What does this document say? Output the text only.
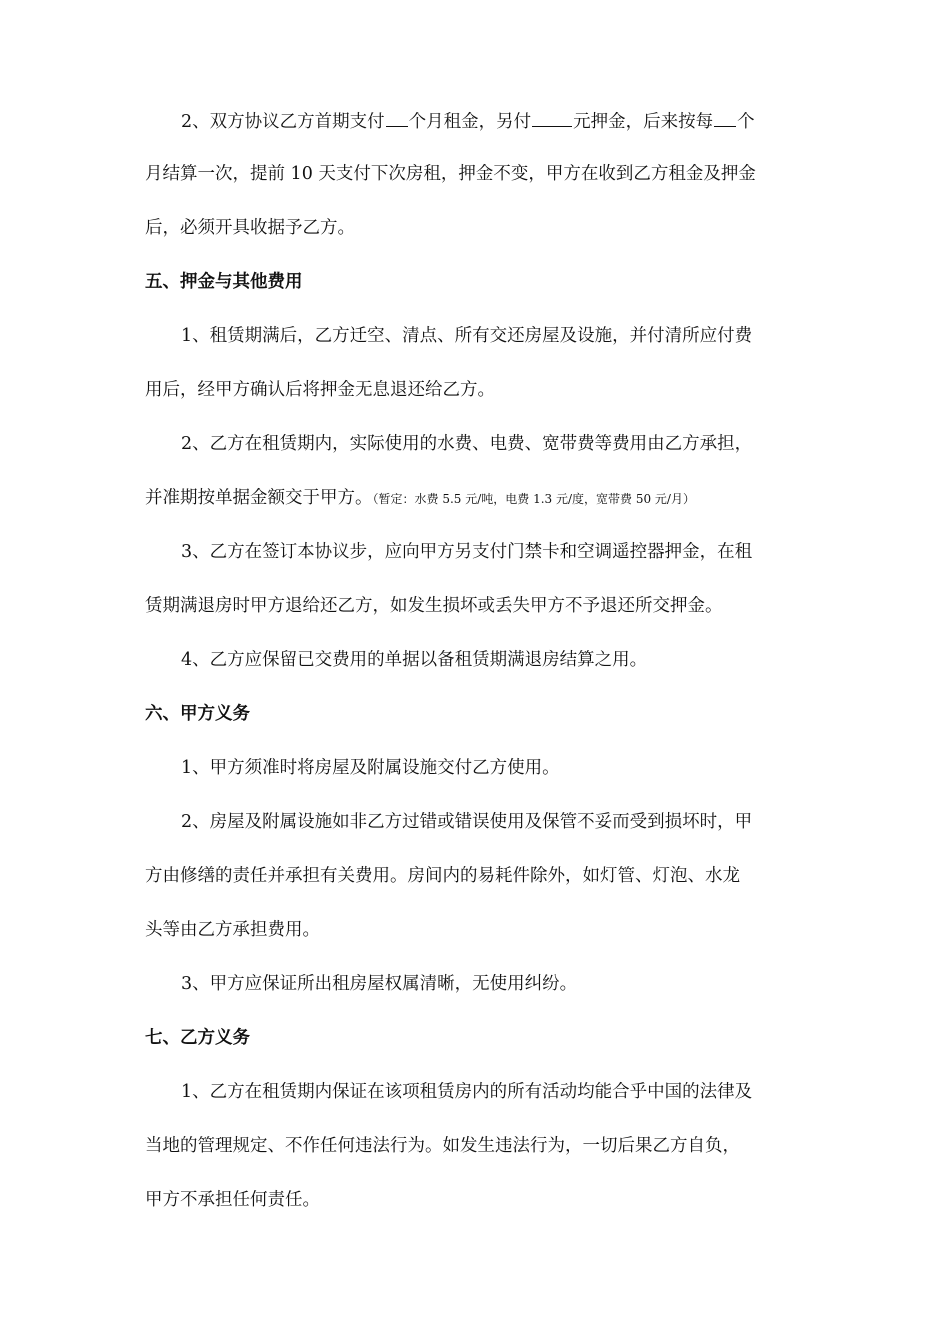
2、双方协议乙方首期支付 个月租金，另付 元押金，后来按每 个
月结算一次，提前 10 天支付下次房租，押金不变，甲方在收到乙方租金及押金
后，必须开具收据予乙方。
五、押金与其他费用
1、租赁期满后，乙方迁空、清点、所有交还房屋及设施，并付清所应付费
用后，经甲方确认后将押金无息退还给乙方。
2、乙方在租赁期内，实际使用的水费、电费、宽带费等费用由乙方承担，
并准期按单据金额交于甲方。（暂定：水费 5.5 元/吨，电费 1.3 元/度，宽带费 50 元/月）
3、乙方在签订本协议步，应向甲方另支付门禁卡和空调遥控器押金，在租
赁期满退房时甲方退给还乙方，如发生损坏或丢失甲方不予退还所交押金。
4、乙方应保留已交费用的单据以备租赁期满退房结算之用。
六、甲方义务
1、甲方须准时将房屋及附属设施交付乙方使用。
2、房屋及附属设施如非乙方过错或错误使用及保管不妥而受到损坏时，甲
方由修缮的责任并承担有关费用。房间内的易耗件除外，如灯管、灯泡、水龙
头等由乙方承担费用。
3、甲方应保证所出租房屋权属清晰，无使用纠纷。
七、乙方义务
1、乙方在租赁期内保证在该项租赁房内的所有活动均能合乎中国的法律及
当地的管理规定、不作任何违法行为。如发生违法行为，一切后果乙方自负，
甲方不承担任何责任。
